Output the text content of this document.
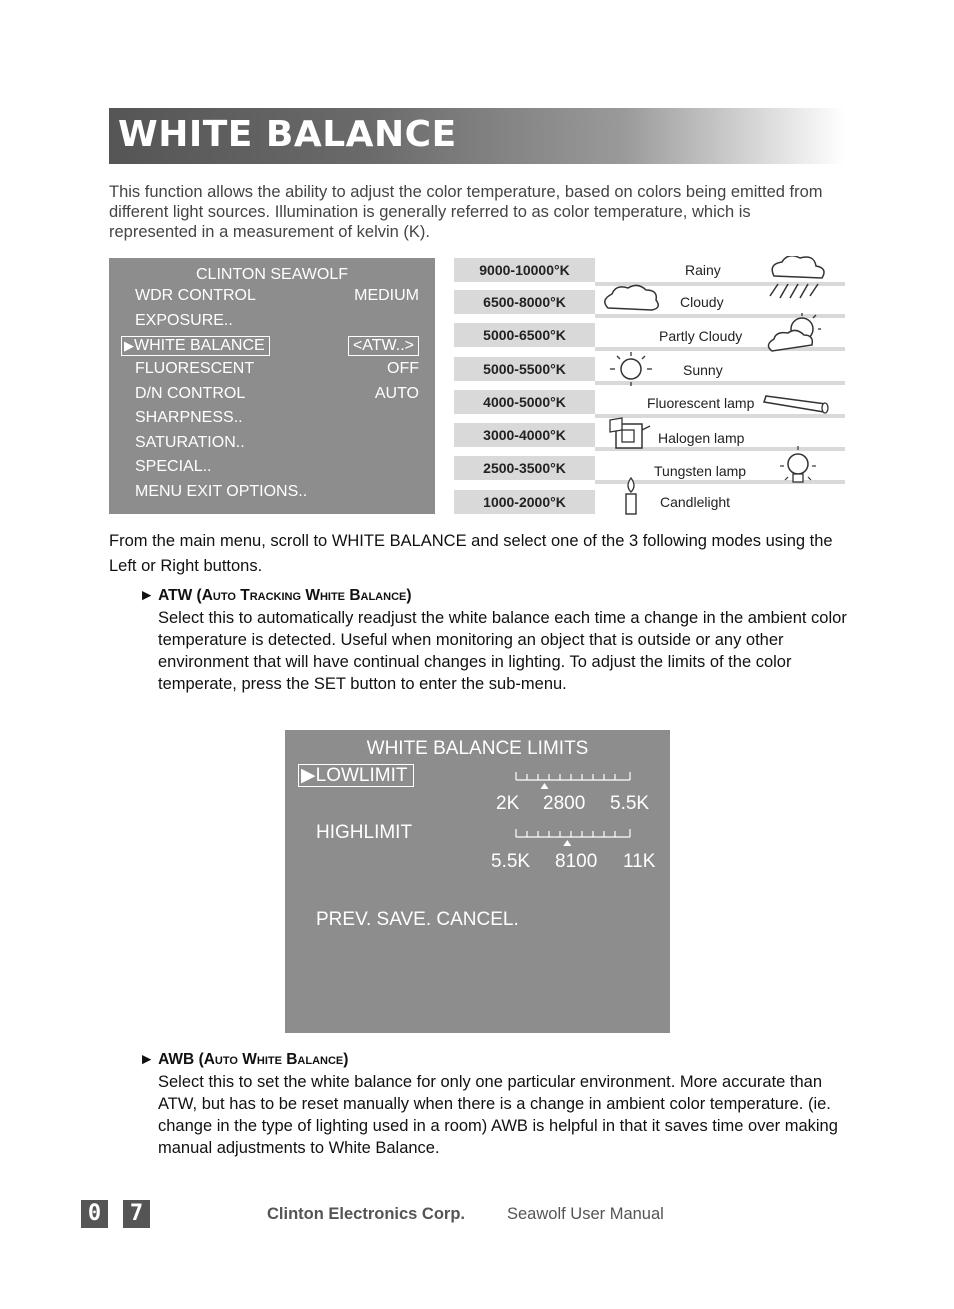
WHITE BALANCE
This function allows the ability to adjust the color temperature, based on colors being emitted from different light sources. Illumination is generally referred to as color temperature, which is represented in a measurement of kelvin (K).
CLINTON SEAWOLF
WDR CONTROL	MEDIUM
EXPOSURE..
▶WHITE BALANCE	<ATW..>
FLUORESCENT	OFF
D/N CONTROL	AUTO
SHARPNESS..
SATURATION..
SPECIAL..
MENU EXIT OPTIONS..
9000-10000°K	Rainy
6500-8000°K	Cloudy
5000-6500°K	Partly Cloudy
5000-5500°K	Sunny
4000-5000°K	Fluorescent lamp
3000-4000°K	Halogen lamp
2500-3500°K	Tungsten lamp
1000-2000°K	Candlelight
From the main menu, scroll to WHITE BALANCE and select one of the 3 following modes using the Left or Right buttons.
► ATW (Auto Tracking White Balance)
Select this to automatically readjust the white balance each time a change in the ambient color temperature is detected. Useful when monitoring an object that is outside or any other environment that will have continual changes in lighting. To adjust the limits of the color temperate, press the SET button to enter the sub-menu.
WHITE BALANCE LIMITS
▶LOWLIMIT
2K 2800 5.5K
HIGHLIMIT
5.5K 8100 11K
PREV. SAVE. CANCEL.
► AWB (Auto White Balance)
Select this to set the white balance for only one particular environment. More accurate than ATW, but has to be reset manually when there is a change in ambient color temperature. (ie. change in the type of lighting used in a room) AWB is helpful in that it saves time over making manual adjustments to White Balance.
0	7	Clinton Electronics Corp.	Seawolf User Manual
